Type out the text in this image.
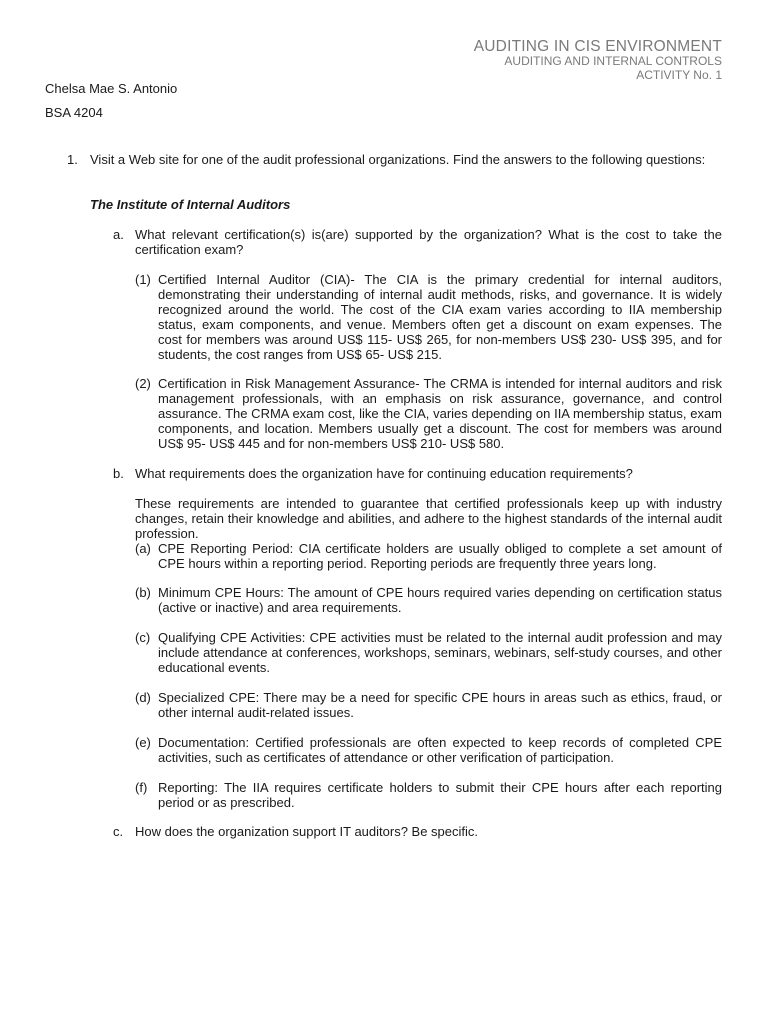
AUDITING IN CIS ENVIRONMENT
AUDITING AND INTERNAL CONTROLS
ACTIVITY No. 1
Chelsa Mae S. Antonio
BSA 4204
1. Visit a Web site for one of the audit professional organizations. Find the answers to the following questions:
The Institute of Internal Auditors
a. What relevant certification(s) is(are) supported by the organization? What is the cost to take the certification exam?
(1) Certified Internal Auditor (CIA)- The CIA is the primary credential for internal auditors, demonstrating their understanding of internal audit methods, risks, and governance. It is widely recognized around the world. The cost of the CIA exam varies according to IIA membership status, exam components, and venue. Members often get a discount on exam expenses. The cost for members was around US$ 115- US$ 265, for non-members US$ 230- US$ 395, and for students, the cost ranges from US$ 65- US$ 215.
(2) Certification in Risk Management Assurance- The CRMA is intended for internal auditors and risk management professionals, with an emphasis on risk assurance, governance, and control assurance. The CRMA exam cost, like the CIA, varies depending on IIA membership status, exam components, and location. Members usually get a discount. The cost for members was around US$ 95- US$ 445 and for non-members US$ 210- US$ 580.
b. What requirements does the organization have for continuing education requirements?
These requirements are intended to guarantee that certified professionals keep up with industry changes, retain their knowledge and abilities, and adhere to the highest standards of the internal audit profession.
(a) CPE Reporting Period: CIA certificate holders are usually obliged to complete a set amount of CPE hours within a reporting period. Reporting periods are frequently three years long.
(b) Minimum CPE Hours: The amount of CPE hours required varies depending on certification status (active or inactive) and area requirements.
(c) Qualifying CPE Activities: CPE activities must be related to the internal audit profession and may include attendance at conferences, workshops, seminars, webinars, self-study courses, and other educational events.
(d) Specialized CPE: There may be a need for specific CPE hours in areas such as ethics, fraud, or other internal audit-related issues.
(e) Documentation: Certified professionals are often expected to keep records of completed CPE activities, such as certificates of attendance or other verification of participation.
(f) Reporting: The IIA requires certificate holders to submit their CPE hours after each reporting period or as prescribed.
c. How does the organization support IT auditors? Be specific.
